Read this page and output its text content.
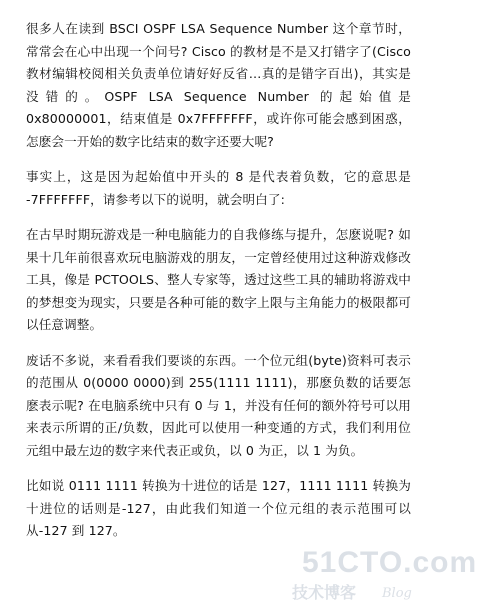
很多人在读到 BSCI OSPF LSA Sequence Number 这个章节时，常常会在心中出现一个问号? Cisco 的教材是不是又打错字了(Cisco 教材编辑校阅相关负责单位请好好反省…真的是错字百出)，其实是没错的。OSPF LSA Sequence Number 的起始值是 0x80000001，结束值是 0x7FFFFFFF，或许你可能会感到困惑，怎麽会一开始的数字比结束的数字还要大呢?

事实上，这是因为起始值中开头的 8 是代表着负数，它的意思是 -7FFFFFFF，请参考以下的说明，就会明白了:

在古早时期玩游戏是一种电脑能力的自我修练与提升，怎麽说呢? 如果十几年前很喜欢玩电脑游戏的朋友，一定曾经使用过这种游戏修改工具，像是 PCTOOLS、整人专家等，透过这些工具的辅助将游戏中的梦想变为现实，只要是各种可能的数字上限与主角能力的极限都可以任意调整。

废话不多说，来看看我们要谈的东西。一个位元组(byte)资料可表示的范围从 0(0000 0000)到 255(1111 1111)，那麽负数的话要怎麽表示呢? 在电脑系统中只有 0 与 1，并没有任何的额外符号可以用来表示所谓的正/负数，因此可以使用一种变通的方式，我们利用位元组中最左边的数字来代表正或负，以 0 为正，以 1 为负。

比如说 0111 1111 转换为十进位的话是 127，1111 1111 转换为十进位的话则是-127，由此我们知道一个位元组的表示范围可以从-127 到 127。

51CTO.com
技术博客 Blog
